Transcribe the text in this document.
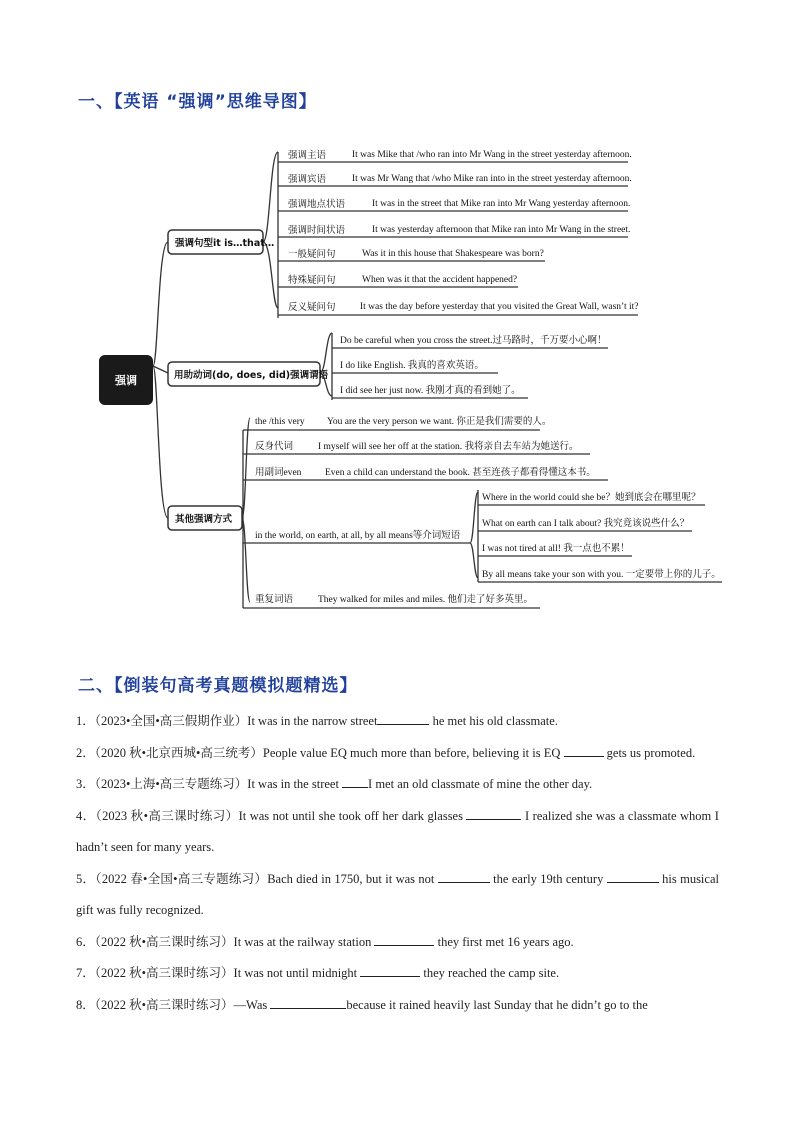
一、【英语 “强调”思维导图】
强调
强调句型it is…that…
用助动词(do, does, did)强调谓语
其他强调方式
强调主语	It was Mike that /who ran into Mr Wang in the street yesterday afternoon.
强调宾语	It was Mr Wang that /who Mike ran into in the street yesterday afternoon.
强调地点状语	It was in the street that Mike ran into Mr Wang yesterday afternoon.
强调时间状语	It was yesterday afternoon that Mike ran into Mr Wang in the street.
一般疑问句	Was it in this house that Shakespeare was born?
特殊疑问句	When was it that the accident happened?
反义疑问句	It was the day before yesterday that you visited the Great Wall, wasn’t it?
Do be careful when you cross the street.过马路时，千万要小心啊！
I do like English. 我真的喜欢英语。
I did see her just now. 我刚才真的看到她了。
the /this very You are the very person we want. 你正是我们需要的人。
反身代词	I myself will see her off at the station. 我将亲自去车站为她送行。
用副词even Even a child can understand the book. 甚至连孩子都看得懂这本书。
in the world, on earth, at all, by all means等介词短语
Where in the world could she be？她到底会在哪里呢？
What on earth can I talk about? 我究竟该说些什么？
I was not tired at all! 我一点也不累！
By all means take your son with you. 一定要带上你的儿子。
重复词语	They walked for miles and miles. 他们走了好多英里。
二、【倒装句高考真题模拟题精选】
1．（2023•全国•高三假期作业）It was in the narrow street	he met his old classmate.
2．（2020 秋•北京西城•高三统考）People value EQ much more than before, believing it is EQ	gets us promoted.
3．（2023•上海•高三专题练习）It was in the street I met an old classmate of mine the other day.
4．（2023 秋•高三课时练习）It was not until she took off her dark glasses	I realized she was a classmate whom I hadn’t seen for many years.
5．（2022 春•全国•高三专题练习）Bach died in 1750, but it was not	the early 19th century	his musical gift was fully recognized.
6．（2022 秋•高三课时练习）It was at the railway station	they first met 16 years ago.
7．（2022 秋•高三课时练习）It was not until midnight	they reached the camp site.
8．（2022 秋•高三课时练习）—Was	because it rained heavily last Sunday that he didn’t go to the
